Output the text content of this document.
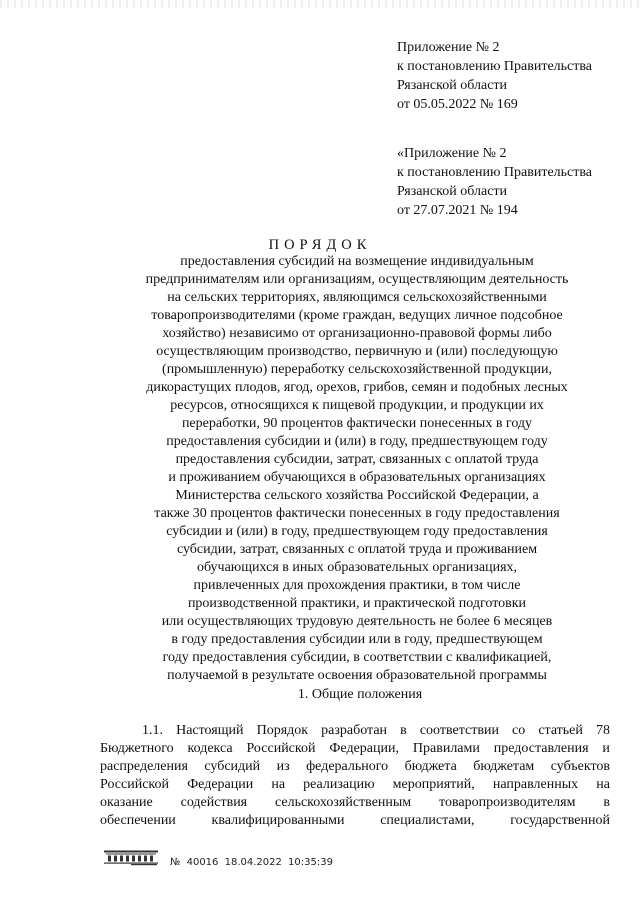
Приложение № 2
к постановлению Правительства
Рязанской области
от 05.05.2022 № 169
«Приложение № 2
к постановлению Правительства
Рязанской области
от 27.07.2021 № 194
ПОРЯДОК
предоставления субсидий на возмещение индивидуальным
предпринимателям или организациям, осуществляющим деятельность
на сельских территориях, являющимся сельскохозяйственными
товаропроизводителями (кроме граждан, ведущих личное подсобное
хозяйство) независимо от организационно-правовой формы либо
осуществляющим производство, первичную и (или) последующую
(промышленную) переработку сельскохозяйственной продукции,
дикорастущих плодов, ягод, орехов, грибов, семян и подобных лесных
ресурсов, относящихся к пищевой продукции, и продукции их
переработки, 90 процентов фактически понесенных в году
предоставления субсидии и (или) в году, предшествующем году
предоставления субсидии, затрат, связанных с оплатой труда
и проживанием обучающихся в образовательных организациях
Министерства сельского хозяйства Российской Федерации, а
также 30 процентов фактически понесенных в году предоставления
субсидии и (или) в году, предшествующем году предоставления
субсидии, затрат, связанных с оплатой труда и проживанием
обучающихся в иных образовательных организациях,
привлеченных для прохождения практики, в том числе
производственной практики, и практической подготовки
или осуществляющих трудовую деятельность не более 6 месяцев
в году предоставления субсидии или в году, предшествующем
году предоставления субсидии, в соответствии с квалификацией,
получаемой в результате освоения образовательной программы
1. Общие положения
1.1. Настоящий Порядок разработан в соответствии со статьей 78
Бюджетного кодекса Российской Федерации, Правилами предоставления и
распределения субсидий из федерального бюджета бюджетам субъектов
Российской Федерации на реализацию мероприятий, направленных на
оказание содействия сельскохозяйственным товаропроизводителям в
обеспечении	квалифицированными	специалистами,	государственной
№ 40016 18.04.2022 10:35:39
